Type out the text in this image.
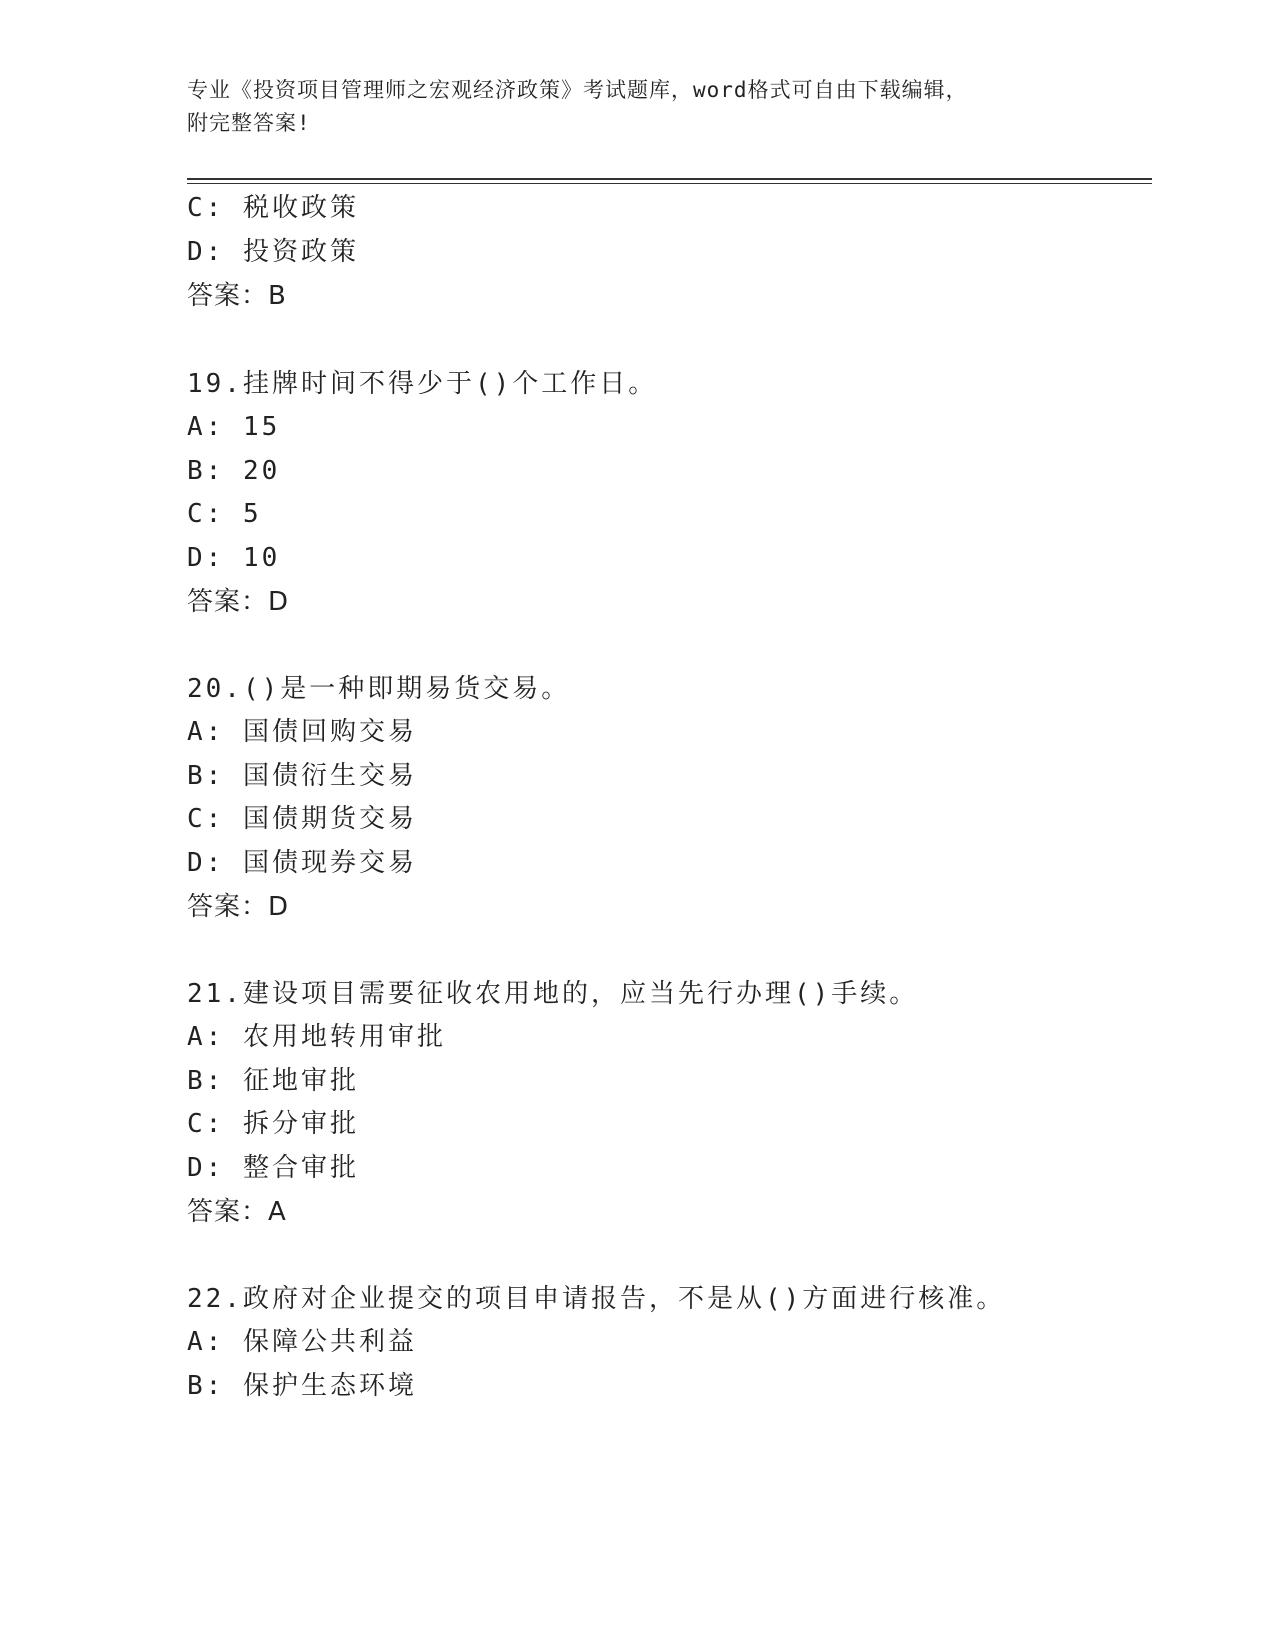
专业《投资项目管理师之宏观经济政策》考试题库，word格式可自由下载编辑，
附完整答案!
C: 税收政策
D: 投资政策
答案：B
19.挂牌时间不得少于()个工作日。
A: 15
B: 20
C: 5
D: 10
答案：D
20.()是一种即期易货交易。
A: 国债回购交易
B: 国债衍生交易
C: 国债期货交易
D: 国债现券交易
答案：D
21.建设项目需要征收农用地的，应当先行办理()手续。
A: 农用地转用审批
B: 征地审批
C: 拆分审批
D: 整合审批
答案：A
22.政府对企业提交的项目申请报告，不是从()方面进行核准。
A: 保障公共利益
B: 保护生态环境
